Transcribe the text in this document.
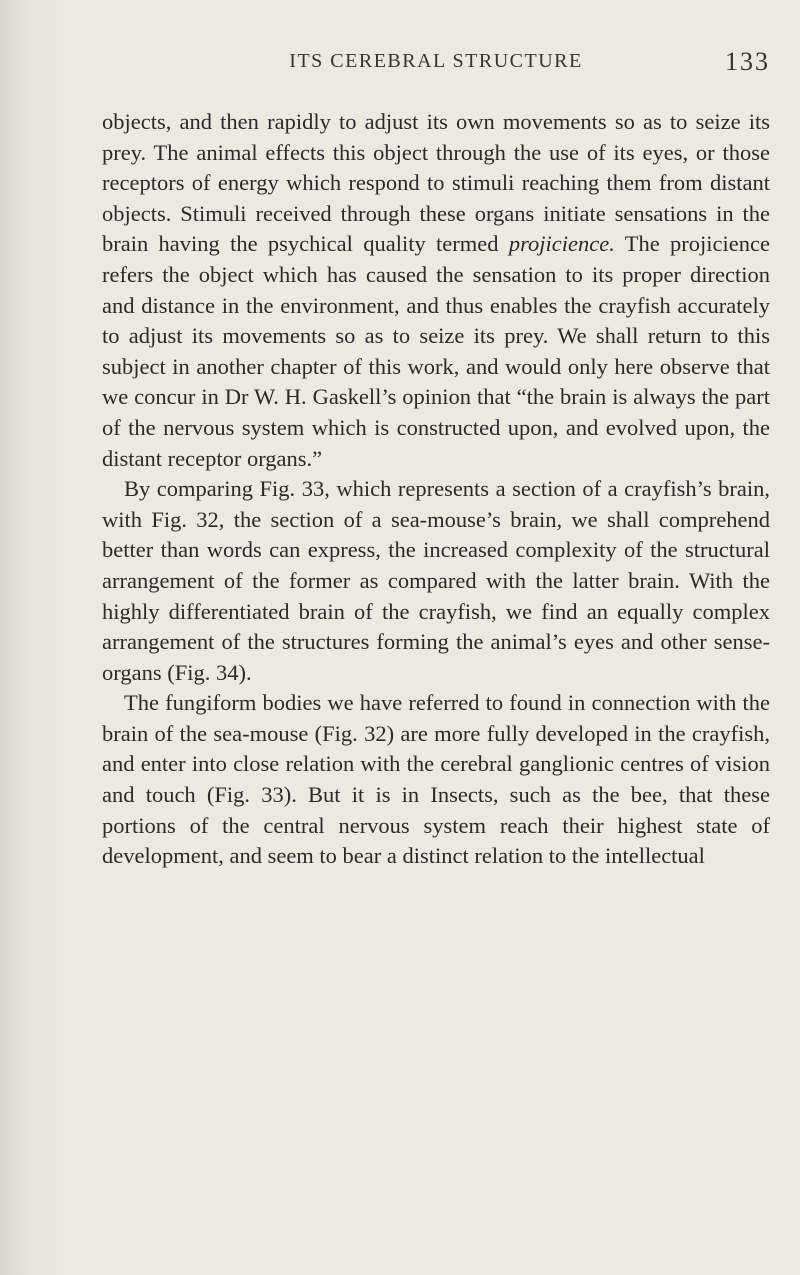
ITS CEREBRAL STRUCTURE	133

objects, and then rapidly to adjust its own movements so as to seize its prey. The animal effects this object through the use of its eyes, or those receptors of energy which respond to stimuli reaching them from distant objects. Stimuli received through these organs initiate sensations in the brain having the psychical quality termed projicience. The projicience refers the object which has caused the sensation to its proper direction and distance in the environment, and thus enables the crayfish accurately to adjust its movements so as to seize its prey. We shall return to this subject in another chapter of this work, and would only here observe that we concur in Dr W. H. Gaskell’s opinion that “the brain is always the part of the nervous system which is constructed upon, and evolved upon, the distant receptor organs.”

By comparing Fig. 33, which represents a section of a crayfish’s brain, with Fig. 32, the section of a sea-mouse’s brain, we shall comprehend better than words can express, the increased complexity of the structural arrangement of the former as compared with the latter brain. With the highly differentiated brain of the crayfish, we find an equally complex arrangement of the structures forming the animal’s eyes and other sense-organs (Fig. 34).

The fungiform bodies we have referred to found in connection with the brain of the sea-mouse (Fig. 32) are more fully developed in the crayfish, and enter into close relation with the cerebral ganglionic centres of vision and touch (Fig. 33). But it is in Insects, such as the bee, that these portions of the central nervous system reach their highest state of development, and seem to bear a distinct relation to the intellectual
